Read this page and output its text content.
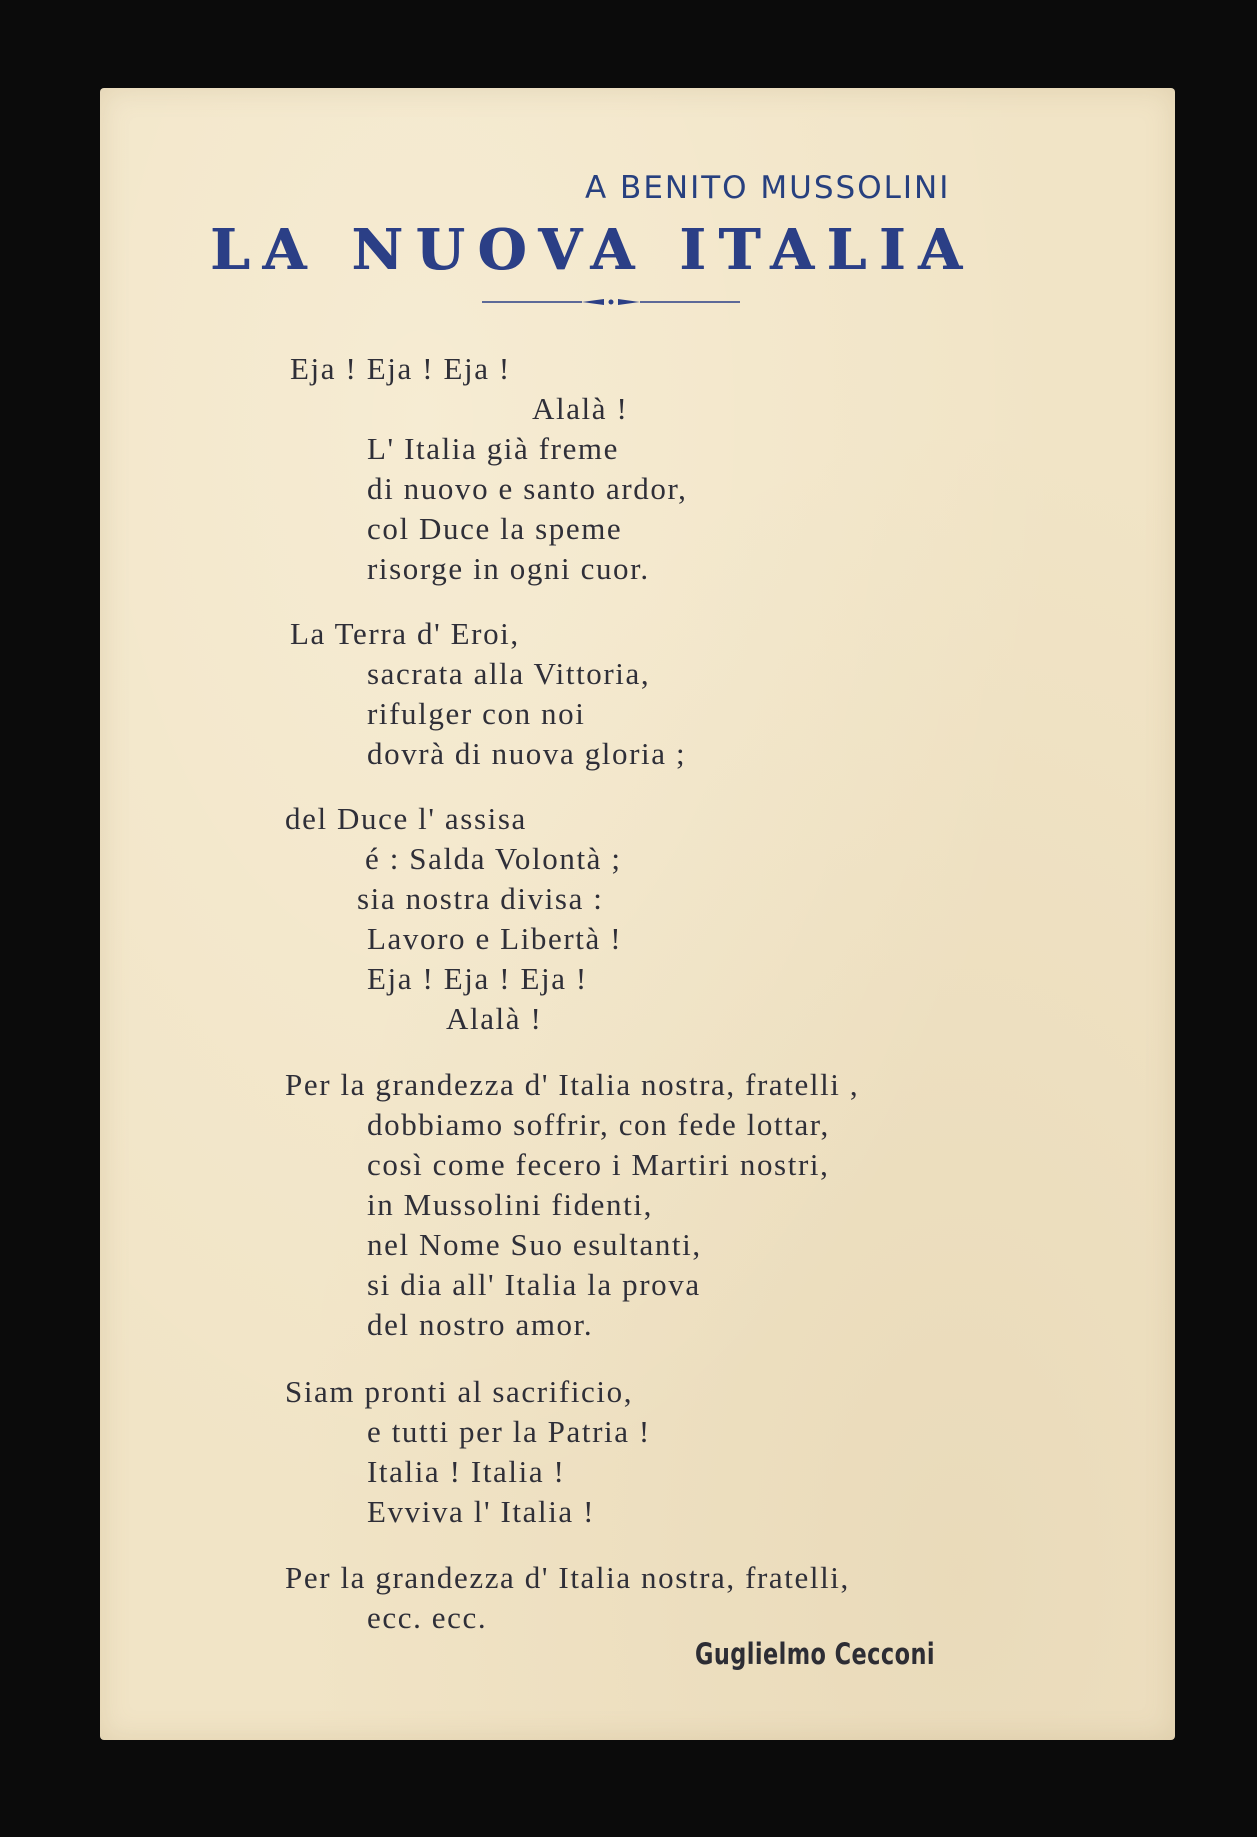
A BENITO MUSSOLINI
LA NUOVA ITALIA
Eja ! Eja ! Eja !
Alalà !
L' Italia già freme
di nuovo e santo ardor,
col Duce la speme
risorge in ogni cuor.
La Terra d' Eroi,
sacrata alla Vittoria,
rifulger con noi
dovrà di nuova gloria ;
del Duce l' assisa
é : Salda Volontà ;
sia nostra divisa :
Lavoro e Libertà !
Eja ! Eja ! Eja !
Alalà !
Per la grandezza d' Italia nostra, fratelli ,
dobbiamo soffrir, con fede lottar,
così come fecero i Martiri nostri,
in Mussolini fidenti,
nel Nome Suo esultanti,
si dia all' Italia la prova
del nostro amor.
Siam pronti al sacrificio,
e tutti per la Patria !
Italia ! Italia !
Evviva l' Italia !
Per la grandezza d' Italia nostra, fratelli,
ecc. ecc.
Guglielmo Cecconi
